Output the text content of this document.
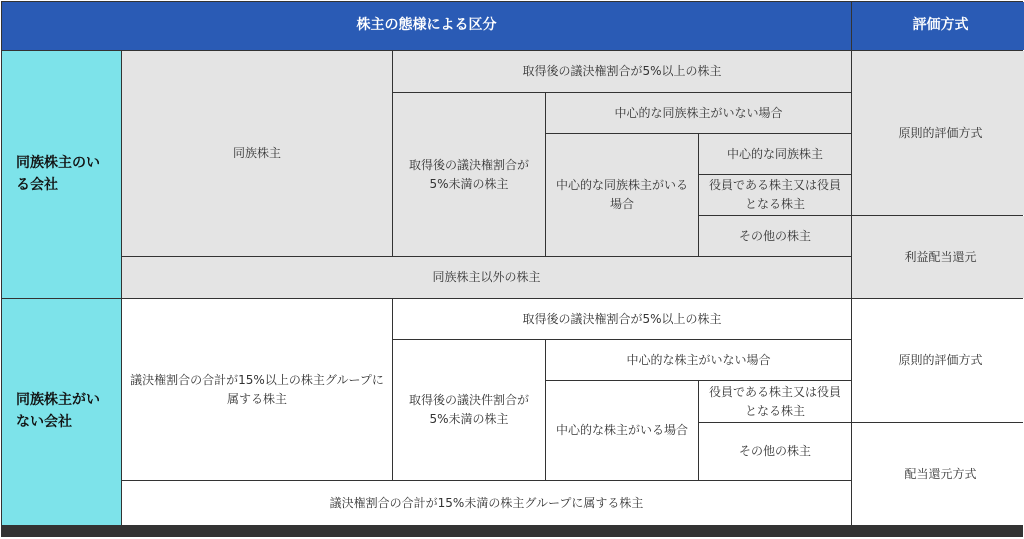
株主の態様による区分	評価方式
同族株主のいる会社
同族株主
取得後の議決権割合が5%以上の株主
取得後の議決権割合が5%未満の株主
中心的な同族株主がいない場合
中心的な同族株主がいる場合
中心的な同族株主
役員である株主又は役員となる株主
その他の株主
同族株主以外の株主
原則的評価方式
利益配当還元
同族株主がいない会社
議決権割合の合計が15%以上の株主グループに属する株主
取得後の議決権割合が5%以上の株主
取得後の議決件割合が5%未満の株主
中心的な株主がいない場合
中心的な株主がいる場合
役員である株主又は役員となる株主
その他の株主
議決権割合の合計が15%未満の株主グループに属する株主
原則的評価方式
配当還元方式
